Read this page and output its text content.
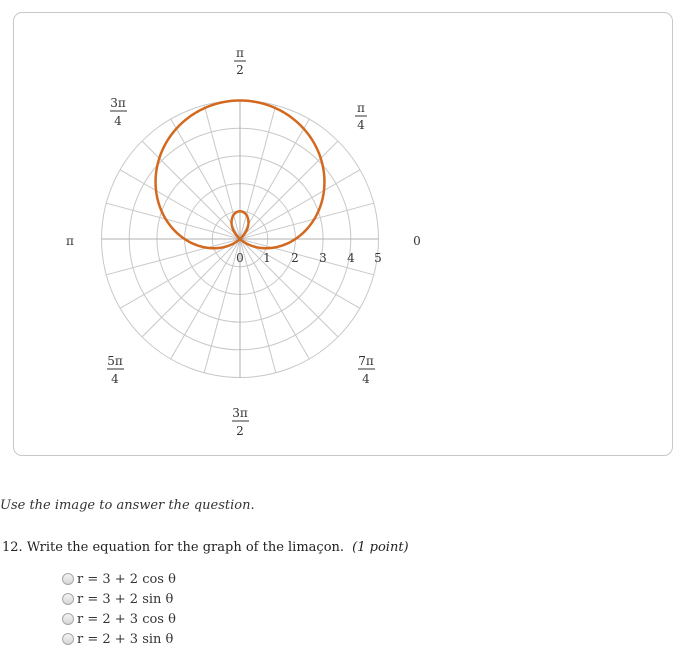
0 1 2 3 4 5
π
2
3π
4
π
4
π	0
5π
4
7π
4
3π
2
Use the image to answer the question.
12. Write the equation for the graph of the limaçon. (1 point)
r = 3 + 2 cos θ
r = 3 + 2 sin θ
r = 2 + 3 cos θ
r = 2 + 3 sin θ
